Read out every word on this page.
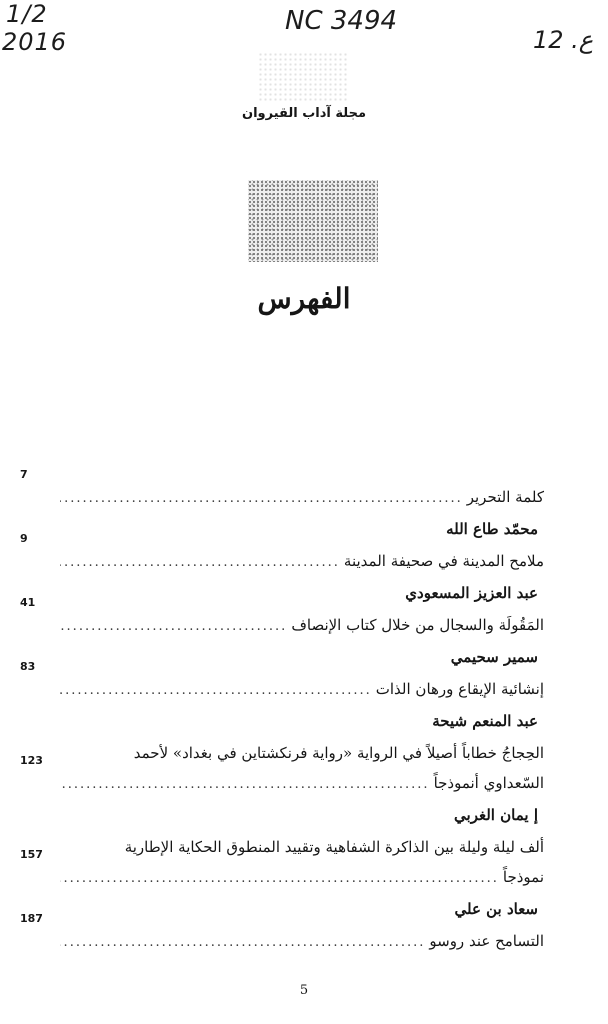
1/2
2016
NC 3494
12 .ع
مجلة آداب القيروان
الفهرس
كلمة التحرير
.....
7
محمّد طاع الله
ملامح المدينة في صحيفة المدينة
.....
9
عبد العزيز المسعودي
المَقُولَة والسجال من خلال كتاب الإنصاف
.....
41
سمير سحيمي
إنشائية الإيقاع ورهان الذات
.....
83
عبد المنعم شيحة
الحِجاجُ خطاباً أصيلاً في الرواية «رواية فرنكشتاين في بغداد» لأحمد
السّعداوي أنموذجاً
.....
123
إ يمان الغربي
ألف ليلة وليلة بين الذاكرة الشفاهية وتقييد المنطوق الحكاية الإطارية
نموذجاً
.....
157
سعاد بن علي
التسامح عند روسو
.....
187
5
